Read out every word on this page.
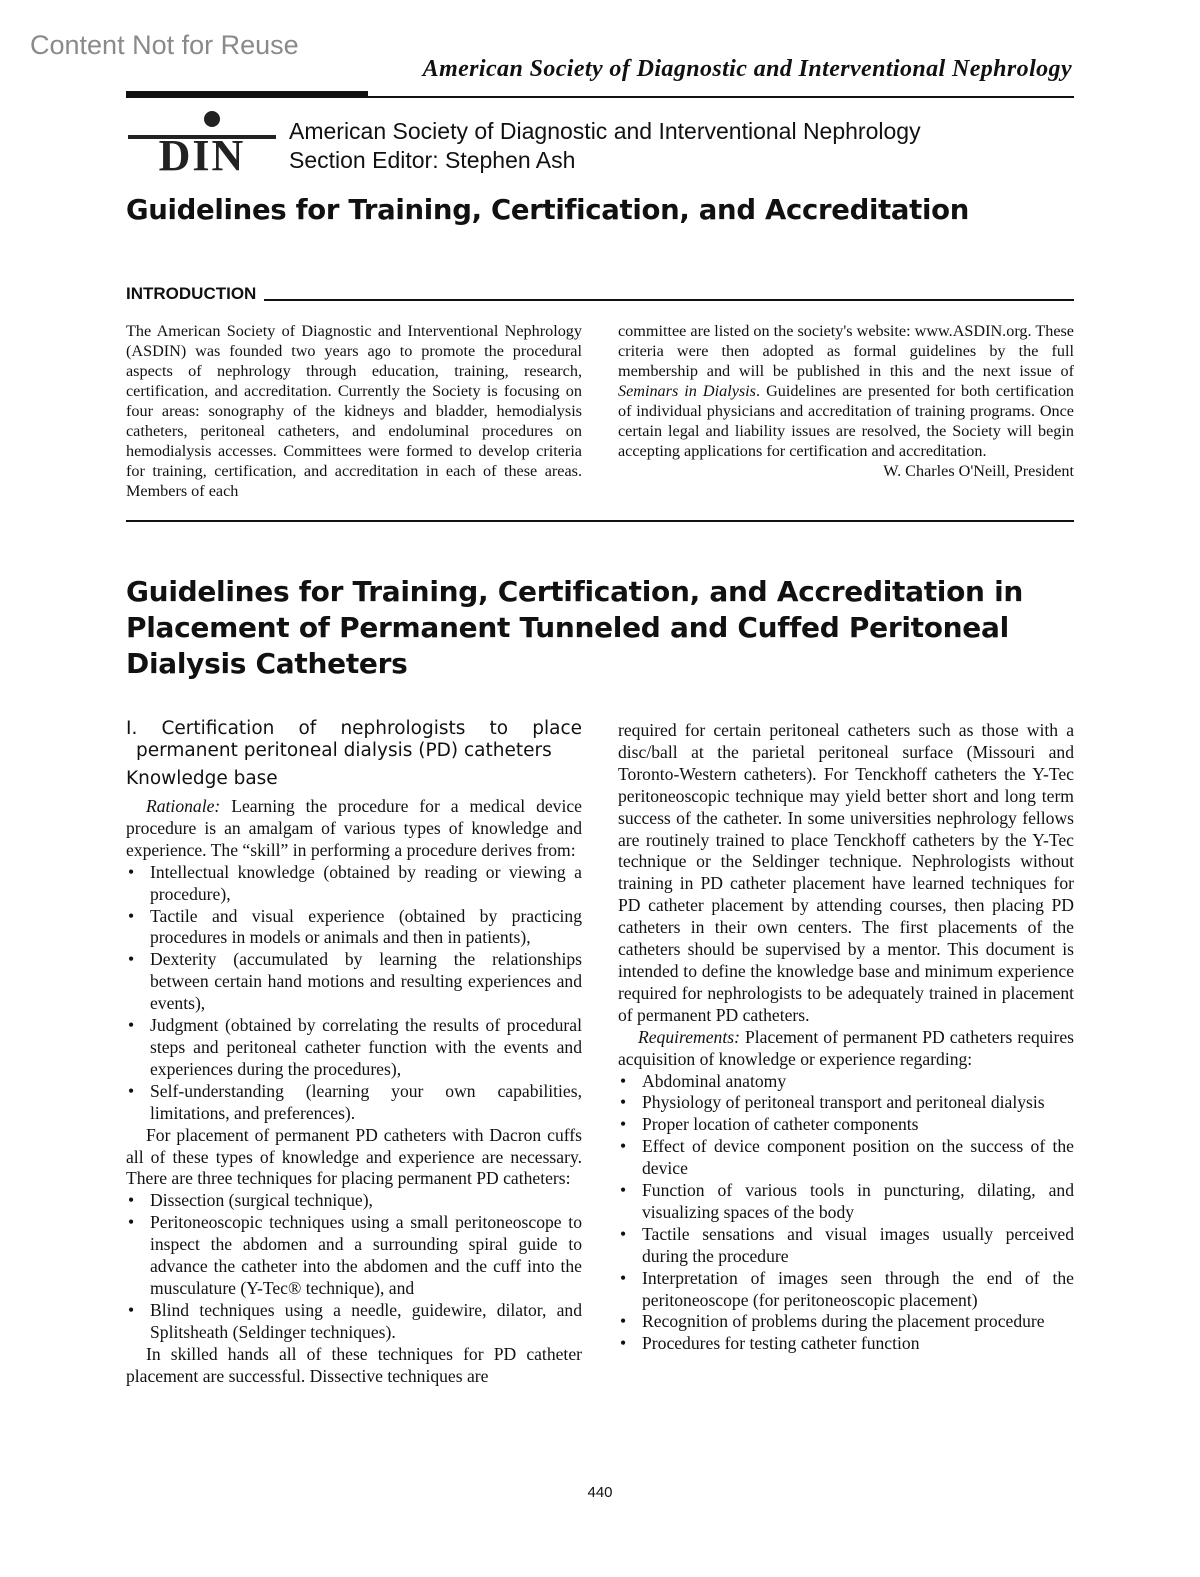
Content Not for Reuse
American Society of Diagnostic and Interventional Nephrology
DIN American Society of Diagnostic and Interventional Nephrology
Section Editor: Stephen Ash
Guidelines for Training, Certification, and Accreditation
INTRODUCTION
The American Society of Diagnostic and Interventional Nephrology (ASDIN) was founded two years ago to promote the procedural aspects of nephrology through education, training, research, certification, and accreditation. Currently the Society is focusing on four areas: sonography of the kidneys and bladder, hemodialysis catheters, peritoneal catheters, and endoluminal procedures on hemodialysis accesses. Committees were formed to develop criteria for training, certification, and accreditation in each of these areas. Members of each
committee are listed on the society's website: www.ASDIN.org. These criteria were then adopted as formal guidelines by the full membership and will be published in this and the next issue of Seminars in Dialysis. Guidelines are presented for both certification of individual physicians and accreditation of training programs. Once certain legal and liability issues are resolved, the Society will begin accepting applications for certification and accreditation.
W. Charles O'Neill, President
Guidelines for Training, Certification, and Accreditation in Placement of Permanent Tunneled and Cuffed Peritoneal Dialysis Catheters
I. Certification of nephrologists to place permanent peritoneal dialysis (PD) catheters
Knowledge base

Rationale: Learning the procedure for a medical device procedure is an amalgam of various types of knowledge and experience. The “skill” in performing a procedure derives from:

• Intellectual knowledge (obtained by reading or viewing a procedure),
• Tactile and visual experience (obtained by practicing procedures in models or animals and then in patients),
• Dexterity (accumulated by learning the relationships between certain hand motions and resulting experiences and events),
• Judgment (obtained by correlating the results of procedural steps and peritoneal catheter function with the events and experiences during the procedures),
• Self-understanding (learning your own capabilities, limitations, and preferences).

For placement of permanent PD catheters with Dacron cuffs all of these types of knowledge and experience are necessary. There are three techniques for placing permanent PD catheters:

• Dissection (surgical technique),
• Peritoneoscopic techniques using a small peritoneoscope to inspect the abdomen and a surrounding spiral guide to advance the catheter into the abdomen and the cuff into the musculature (Y-Tec® technique), and
• Blind techniques using a needle, guidewire, dilator, and Splitsheath (Seldinger techniques).

In skilled hands all of these techniques for PD catheter placement are successful. Dissective techniques are

required for certain peritoneal catheters such as those with a disc/ball at the parietal peritoneal surface (Missouri and Toronto-Western catheters). For Tenckhoff catheters the Y-Tec peritoneoscopic technique may yield better short and long term success of the catheter. In some universities nephrology fellows are routinely trained to place Tenckhoff catheters by the Y-Tec technique or the Seldinger technique. Nephrologists without training in PD catheter placement have learned techniques for PD catheter placement by attending courses, then placing PD catheters in their own centers. The first placements of the catheters should be supervised by a mentor. This document is intended to define the knowledge base and minimum experience required for nephrologists to be adequately trained in placement of permanent PD catheters.

Requirements: Placement of permanent PD catheters requires acquisition of knowledge or experience regarding:

• Abdominal anatomy
• Physiology of peritoneal transport and peritoneal dialysis
• Proper location of catheter components
• Effect of device component position on the success of the device
• Function of various tools in puncturing, dilating, and visualizing spaces of the body
• Tactile sensations and visual images usually perceived during the procedure
• Interpretation of images seen through the end of the peritoneoscope (for peritoneoscopic placement)
• Recognition of problems during the placement procedure
• Procedures for testing catheter function
440
